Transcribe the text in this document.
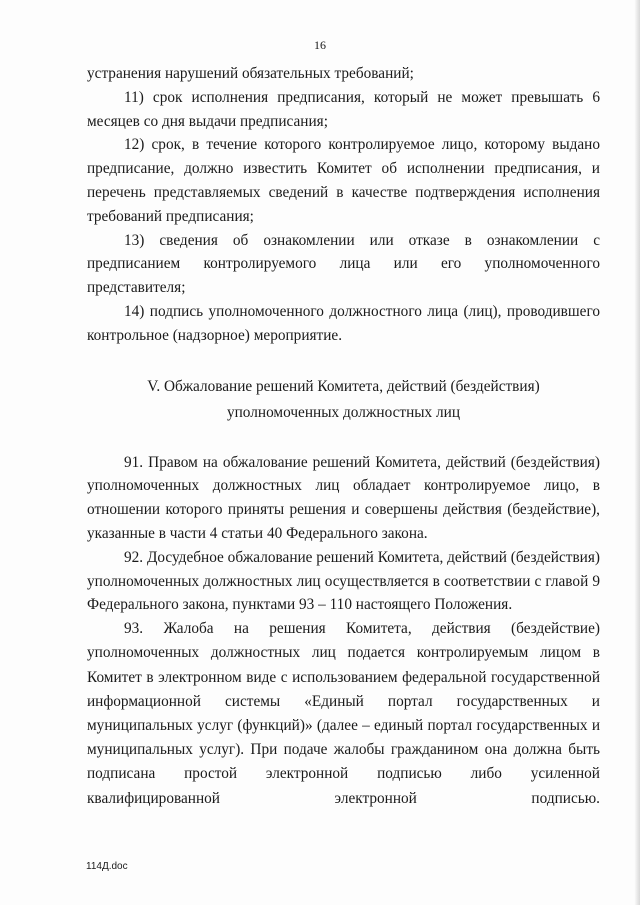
16

устранения нарушений обязательных требований;

11) срок исполнения предписания, который не может превышать 6 месяцев со дня выдачи предписания;

12) срок, в течение которого контролируемое лицо, которому выдано предписание, должно известить Комитет об исполнении предписания, и перечень представляемых сведений в качестве подтверждения исполнения требований предписания;

13) сведения об ознакомлении или отказе в ознакомлении с предписанием контролируемого лица или его уполномоченного представителя;

14) подпись уполномоченного должностного лица (лиц), проводившего контрольное (надзорное) мероприятие.

V. Обжалование решений Комитета, действий (бездействия)
уполномоченных должностных лиц

91. Правом на обжалование решений Комитета, действий (бездействия) уполномоченных должностных лиц обладает контролируемое лицо, в отношении которого приняты решения и совершены действия (бездействие), указанные в части 4 статьи 40 Федерального закона.

92. Досудебное обжалование решений Комитета, действий (бездействия) уполномоченных должностных лиц осуществляется в соответствии с главой 9 Федерального закона, пунктами 93 – 110 настоящего Положения.

93. Жалоба на решения Комитета, действия (бездействие) уполномоченных должностных лиц подается контролируемым лицом в Комитет в электронном виде с использованием федеральной государственной информационной системы «Единый портал государственных и муниципальных услуг (функций)» (далее – единый портал государственных и муниципальных услуг). При подаче жалобы гражданином она должна быть подписана простой электронной подписью либо усиленной квалифицированной электронной подписью.

114Д.doc
